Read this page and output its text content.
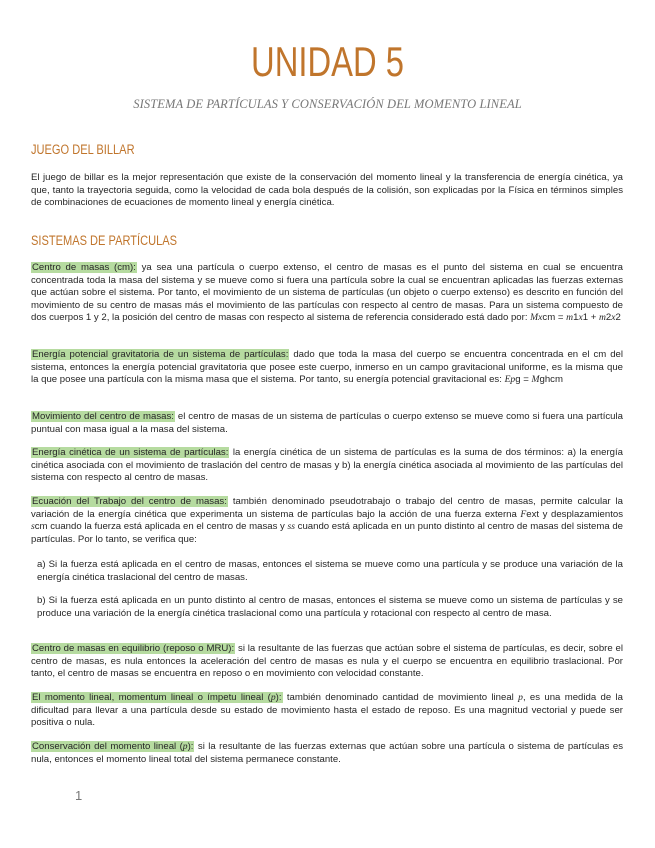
UNIDAD 5
SISTEMA DE PARTÍCULAS Y CONSERVACIÓN DEL MOMENTO LINEAL
JUEGO DEL BILLAR
El juego de billar es la mejor representación que existe de la conservación del momento lineal y la transferencia de energía cinética, ya que, tanto la trayectoria seguida, como la velocidad de cada bola después de la colisión, son explicadas por la Física en términos simples de combinaciones de ecuaciones de momento lineal y energía cinética.
SISTEMAS DE PARTÍCULAS
Centro de masas (cm): ya sea una partícula o cuerpo extenso, el centro de masas es el punto del sistema en cual se encuentra concentrada toda la masa del sistema y se mueve como si fuera una partícula sobre la cual se encuentran aplicadas las fuerzas externas que actúan sobre el sistema. Por tanto, el movimiento de un sistema de partículas (un objeto o cuerpo extenso) es descrito en función del movimiento de su centro de masas más el movimiento de las partículas con respecto al centro de masas. Para un sistema compuesto de dos cuerpos 1 y 2, la posición del centro de masas con respecto al sistema de referencia considerado está dado por: Mxcm = m1x1 + m2x2
Energía potencial gravitatoria de un sistema de partículas: dado que toda la masa del cuerpo se encuentra concentrada en el cm del sistema, entonces la energía potencial gravitatoria que posee este cuerpo, inmerso en un campo gravitacional uniforme, es la misma que la que posee una partícula con la misma masa que el sistema. Por tanto, su energía potencial gravitacional es: Epg = Mghcm
Movimiento del centro de masas: el centro de masas de un sistema de partículas o cuerpo extenso se mueve como si fuera una partícula puntual con masa igual a la masa del sistema.
Energía cinética de un sistema de partículas: la energía cinética de un sistema de partículas es la suma de dos términos: a) la energía cinética asociada con el movimiento de traslación del centro de masas y b) la energía cinética asociada al movimiento de las partículas del sistema con respecto al centro de masas.
Ecuación del Trabajo del centro de masas: también denominado pseudotrabajo o trabajo del centro de masas, permite calcular la variación de la energía cinética que experimenta un sistema de partículas bajo la acción de una fuerza externa Fext y desplazamientos scm cuando la fuerza está aplicada en el centro de masas y ss cuando está aplicada en un punto distinto al centro de masas del sistema de partículas. Por lo tanto, se verifica que:
a) Si la fuerza está aplicada en el centro de masas, entonces el sistema se mueve como una partícula y se produce una variación de la energía cinética traslacional del centro de masas.
b) Si la fuerza está aplicada en un punto distinto al centro de masas, entonces el sistema se mueve como un sistema de partículas y se produce una variación de la energía cinética traslacional como una partícula y rotacional con respecto al centro de masa.
Centro de masas en equilibrio (reposo o MRU): si la resultante de las fuerzas que actúan sobre el sistema de partículas, es decir, sobre el centro de masas, es nula entonces la aceleración del centro de masas es nula y el cuerpo se encuentra en equilibrio traslacional. Por tanto, el centro de masas se encuentra en reposo o en movimiento con velocidad constante.
El momento lineal, momentum lineal o ímpetu lineal (p): también denominado cantidad de movimiento lineal p, es una medida de la dificultad para llevar a una partícula desde su estado de movimiento hasta el estado de reposo. Es una magnitud vectorial y puede ser positiva o nula.
Conservación del momento lineal (p): si la resultante de las fuerzas externas que actúan sobre una partícula o sistema de partículas es nula, entonces el momento lineal total del sistema permanece constante.
1
